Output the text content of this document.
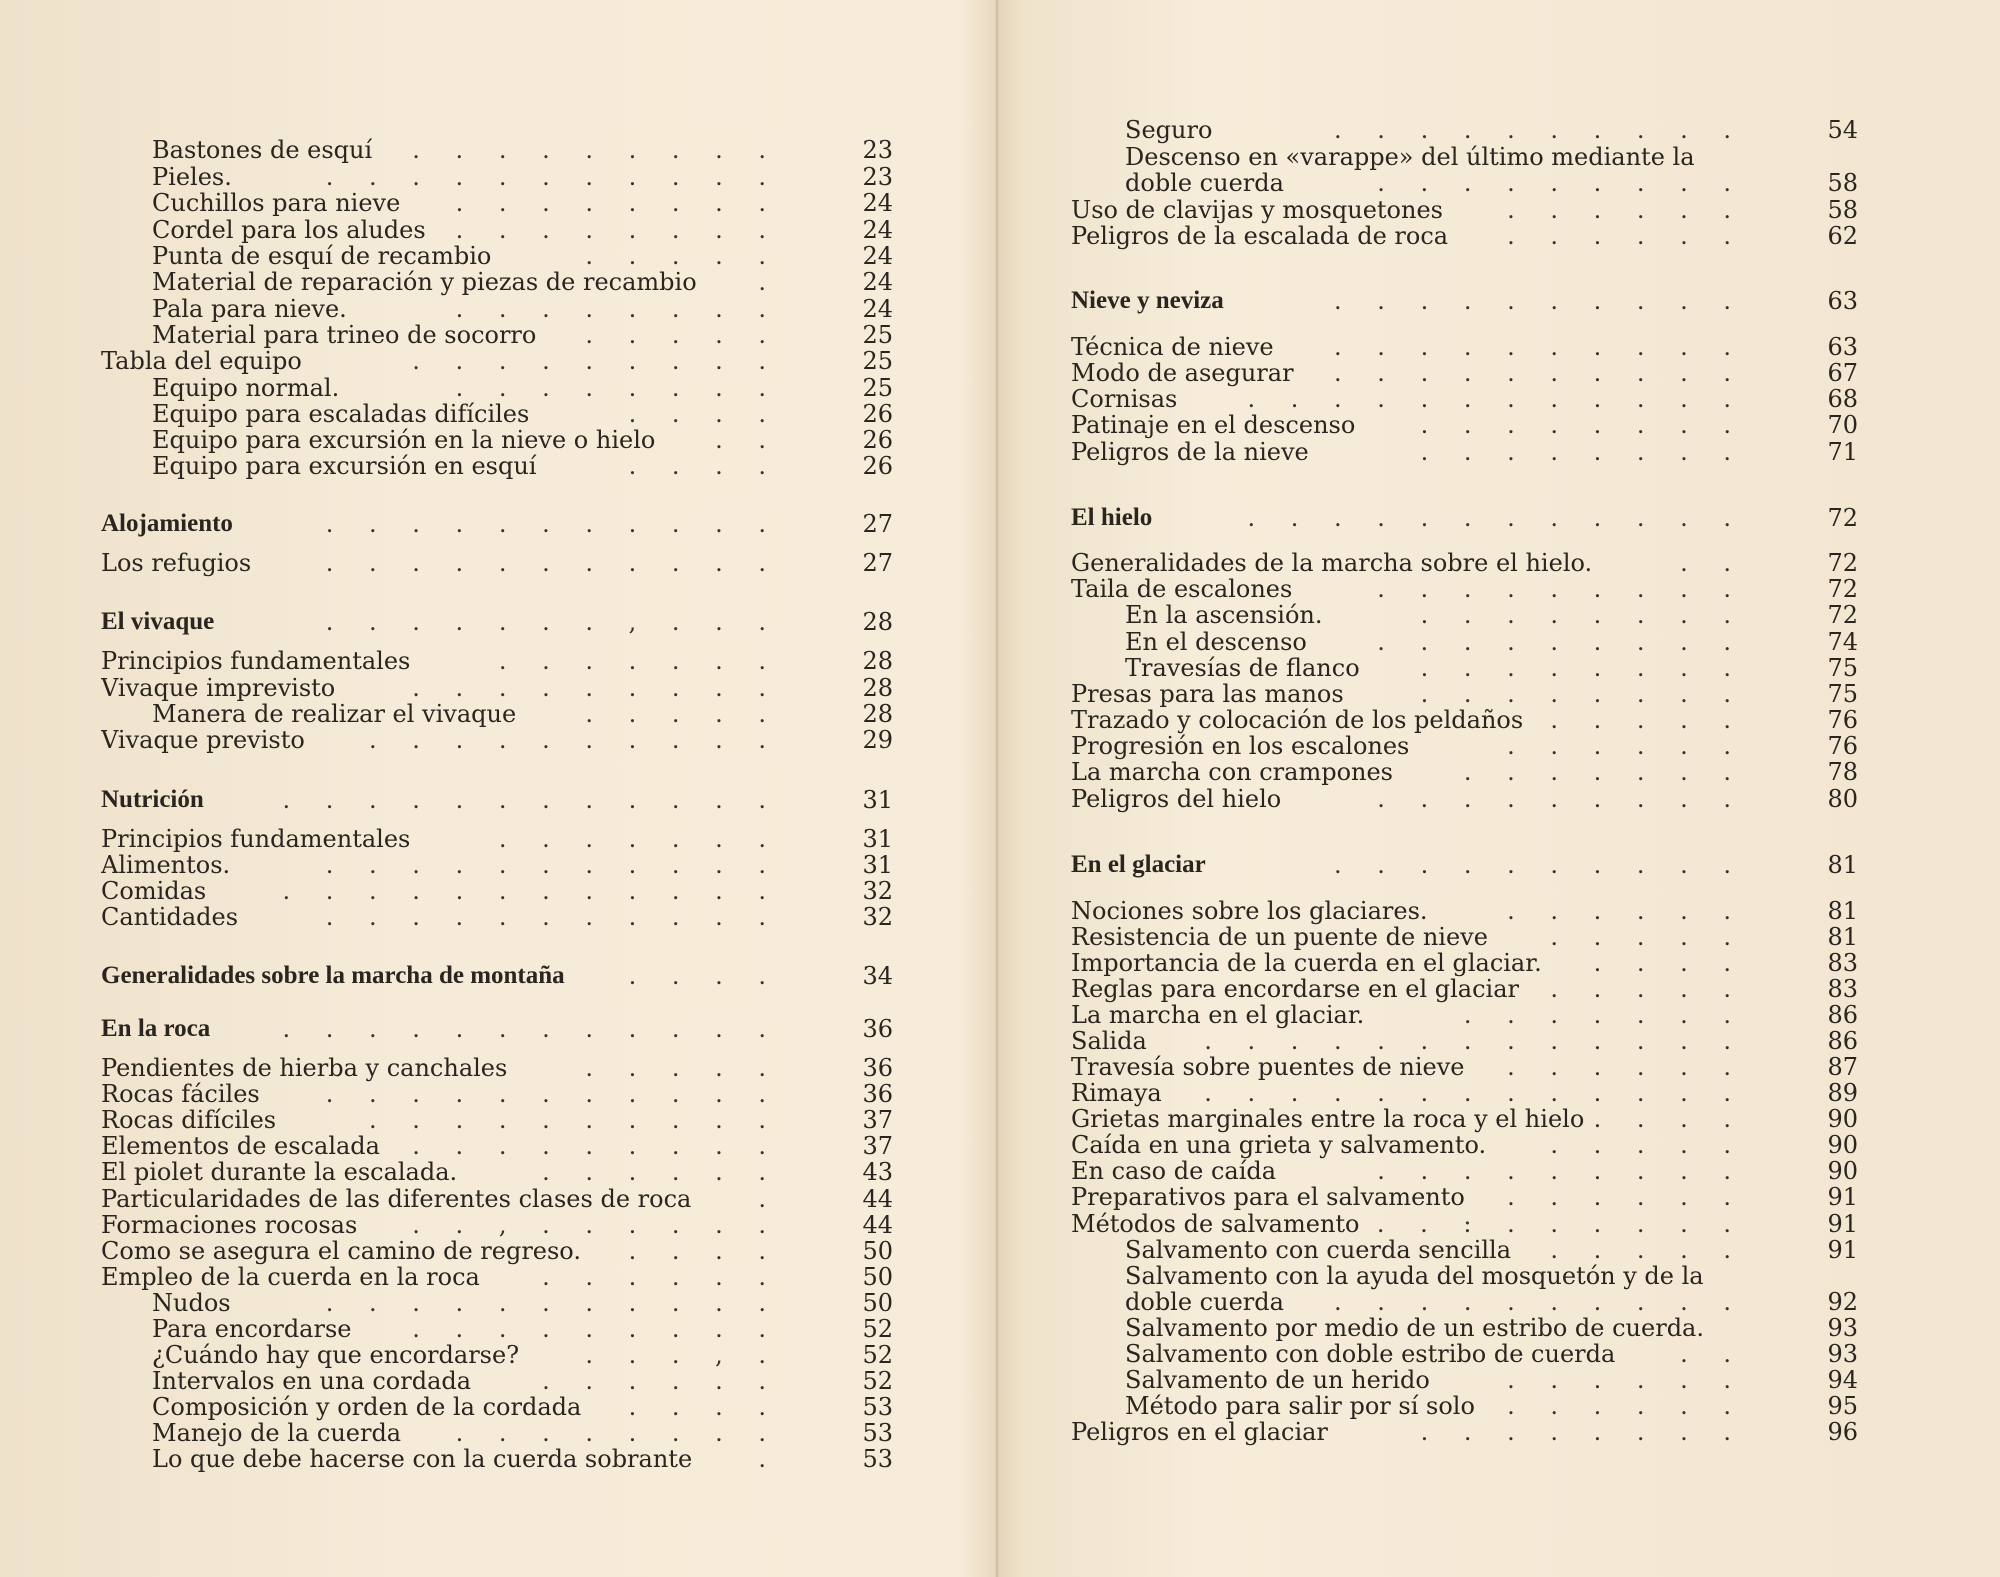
Bastones de esquí . . . . . . . . .	23
Pieles.	. . . . . . . . . . .	23
Cuchillos para nieve . . . . . . . .	24
Cordel para los aludes . . . . . . . .	24
Punta de esquí de recambio	. . . . .	24
Material de reparación y piezas de recambio	.	24
Pala para nieve.	. . . . . . . .	24
Material para trineo de socorro . . . . .	25
Tabla del equipo	. . . . . . . . .	25
Equipo normal.	. . . . . . . .	25
Equipo para escaladas difíciles	. . . .	26
Equipo para excursión en la nieve o hielo . .	26
Equipo para excursión en esquí	. . . .	26
Alojamiento	. . . . . . . . . . .	27
Los refugios	. . . . . . . . . . .	27
El vivaque	. . . . . . . , . . .	28
Principios fundamentales	. . . . . . .	28
Vivaque imprevisto	. . . . . . . . .	28
Manera de realizar el vivaque	. . . . .	28
Vivaque previsto	. . . . . . . . . .	29
Nutrición	. . . . . . . . . . . .	31
Principios fundamentales	. . . . . . .	31
Alimentos.	. . . . . . . . . . .	31
Comidas	. . . . . . . . . . . .	32
Cantidades	. . . . . . . . . . .	32
Generalidades sobre la marcha de montaña	. . . .	34
En la roca	. . . . . . . . . . . .	36
Pendientes de hierba y canchales	. . . . .	36
Rocas fáciles	. . . . . . . . . . .	36
Rocas difíciles	. . . . . . . . . .	37
Elementos de escalada . . . . . . . . .	37
El piolet durante la escalada.	. . . . . .	43
Particularidades de las diferentes clases de roca	.	44
Formaciones rocosas . . , . . . . . .	44
Como se asegura el camino de regreso. . . . .	50
Empleo de la cuerda en la roca	. . . . . .	50
Nudos	. . . . . . . . . . .	50
Para encordarse	. . . . . . . . .	52
¿Cuándo hay que encordarse?	. . . , .	52
Intervalos en una cordada	. . . . . .	52
Composición y orden de la cordada . . . .	53
Manejo de la cuerda . . . . . . . .	53
Lo que debe hacerse con la cuerda sobrante	.	53
Seguro	. . . . . . . . . .	54
Descenso en «varappe» del último mediante la
doble cuerda	. . . . . . . . .	58
Uso de clavijas y mosquetones	. . . . . .	58
Peligros de la escalada de roca . . . . . .	62
Nieve y neviza	. . . . . . . . . .	63
Técnica de nieve	. . . . . . . . . .	63
Modo de asegurar . . . . . . . . . .	67
Cornisas	. . . . . . . . . . . .	68
Patinaje en el descenso	. . . . . . . .	70
Peligros de la nieve	. . . . . . . .	71
El hielo	. . . . . . . . . . . .	72
Generalidades de la marcha sobre el hielo.	. .	72
Taila de escalones	. . . . . . . . .	72
En la ascensión.	. . . . . . . .	72
En el descenso	. . . . . . . . .	74
Travesías de flanco	. . . . . . . .	75
Presas para las manos	. . . . . . . .	75
Trazado y colocación de los peldaños . . . . .	76
Progresión en los escalones	. . . . . .	76
La marcha con crampones	. . . . . . .	78
Peligros del hielo	. . . . . . . . .	80
En el glaciar	. . . . . . . . . .	81
Nociones sobre los glaciares.	. . . . . .	81
Resistencia de un puente de nieve	. . . . .	81
Importancia de la cuerda en el glaciar. . . . .	83
Reglas para encordarse en el glaciar . . . . .	83
La marcha en el glaciar.	. . . . . . .	86
Salida . . . . . . . . . . . . .	86
Travesía sobre puentes de nieve . . . . . .	87
Rimaya . . . . . . . . . . . . .	89
Grietas marginales entre la roca y el hielo . . . .	90
Caída en una grieta y salvamento.	. . . . .	90
En caso de caída	. . . . . . . . .	90
Preparativos para el salvamento . . . . . .	91
Métodos de salvamento . . : . . . . . .	91
Salvamento con cuerda sencilla . . . . .	91
Salvamento con la ayuda del mosquetón y de la
doble cuerda . . . . . . . . . .	92
Salvamento por medio de un estribo de cuerda.	93
Salvamento con doble estribo de cuerda	. .	93
Salvamento de un herido	. . . . . .	94
Método para salir por sí solo . . . . . .	95
Peligros en el glaciar	. . . . . . . .	96
